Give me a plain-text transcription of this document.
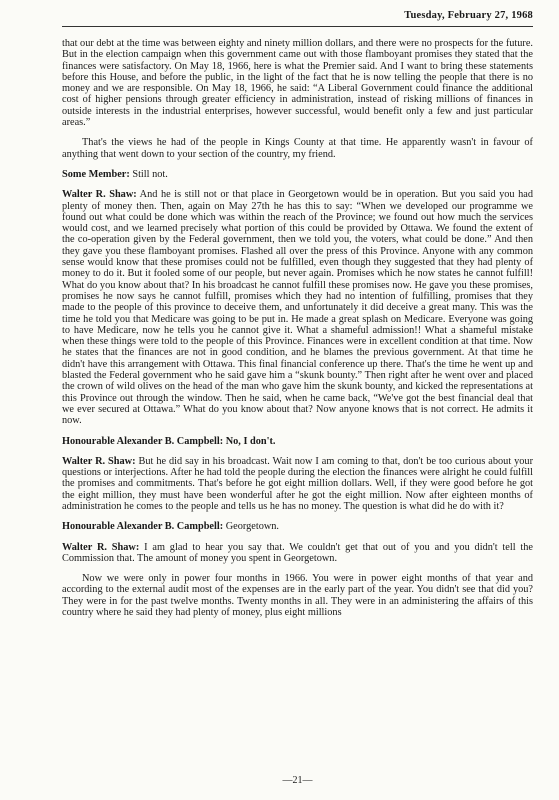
Tuesday, February 27, 1968

that our debt at the time was between eighty and ninety million dollars, and there were no prospects for the future. But in the election campaign when this government came out with those flamboyant promises they stated that the finances were satisfactory. On May 18, 1966, here is what the Premier said. And I want to bring these statements before this House, and before the public, in the light of the fact that he is now telling the people that there is no money and we are responsible. On May 18, 1966, he said: “A Liberal Government could finance the additional cost of higher pensions through greater efficiency in administration, instead of risking millions of finances in outside interests in the industrial enterprises, however successful, would benefit only a few and just particular areas.”

That's the views he had of the people in Kings County at that time. He apparently wasn't in favour of anything that went down to your section of the country, my friend.

Some Member: Still not.

Walter R. Shaw: And he is still not or that place in Georgetown would be in operation. But you said you had plenty of money then. Then, again on May 27th he has this to say: “When we developed our programme we found out what could be done which was within the reach of the Province; we found out how much the services would cost, and we learned precisely what portion of this could be provided by Ottawa. We found the extent of the co-operation given by the Federal government, then we told you, the voters, what could be done.” And then they gave you these flamboyant promises. Flashed all over the press of this Province. Anyone with any common sense would know that these promises could not be fulfilled, even though they suggested that they had plenty of money to do it. But it fooled some of our people, but never again. Promises which he now states he cannot fulfill! What do you know about that? In his broadcast he cannot fulfill these promises now. He gave you these promises, promises he now says he cannot fulfill, promises which they had no intention of fulfilling, promises that they made to the people of this province to deceive them, and unfortunately it did deceive a great many. This was the time he told you that Medicare was going to be put in. He made a great splash on Medicare. Everyone was going to have Medicare, now he tells you he cannot give it. What a shameful admission!! What a shameful mistake when these things were told to the people of this Province. Finances were in excellent condition at that time. Now he states that the finances are not in good condition, and he blames the previous government. At that time he didn't have this arrangement with Ottawa. This final financial conference up there. That's the time he went up and blasted the Federal government who he said gave him a “skunk bounty.” Then right after he went over and placed the crown of wild olives on the head of the man who gave him the skunk bounty, and kicked the representations at this Province out through the window. Then he said, when he came back, “We've got the best financial deal that we ever secured at Ottawa.” What do you know about that? Now anyone knows that is not correct. He admits it now.

Honourable Alexander B. Campbell: No, I don't.

Walter R. Shaw: But he did say in his broadcast. Wait now I am coming to that, don't be too curious about your questions or interjections. After he had told the people during the election the finances were alright he could fulfill the promises and commitments. That's before he got eight million dollars. Well, if they were good before he got the eight million, they must have been wonderful after he got the eight million. Now after eighteen months of administration he comes to the people and tells us he has no money. The question is what did he do with it?

Honourable Alexander B. Campbell: Georgetown.

Walter R. Shaw: I am glad to hear you say that. We couldn't get that out of you and you didn't tell the Commission that. The amount of money you spent in Georgetown.

Now we were only in power four months in 1966. You were in power eight months of that year and according to the external audit most of the expenses are in the early part of the year. You didn't see that did you? They were in for the past twelve months. Twenty months in all. They were in an administering the affairs of this country where he said they had plenty of money, plus eight millions

—21—
